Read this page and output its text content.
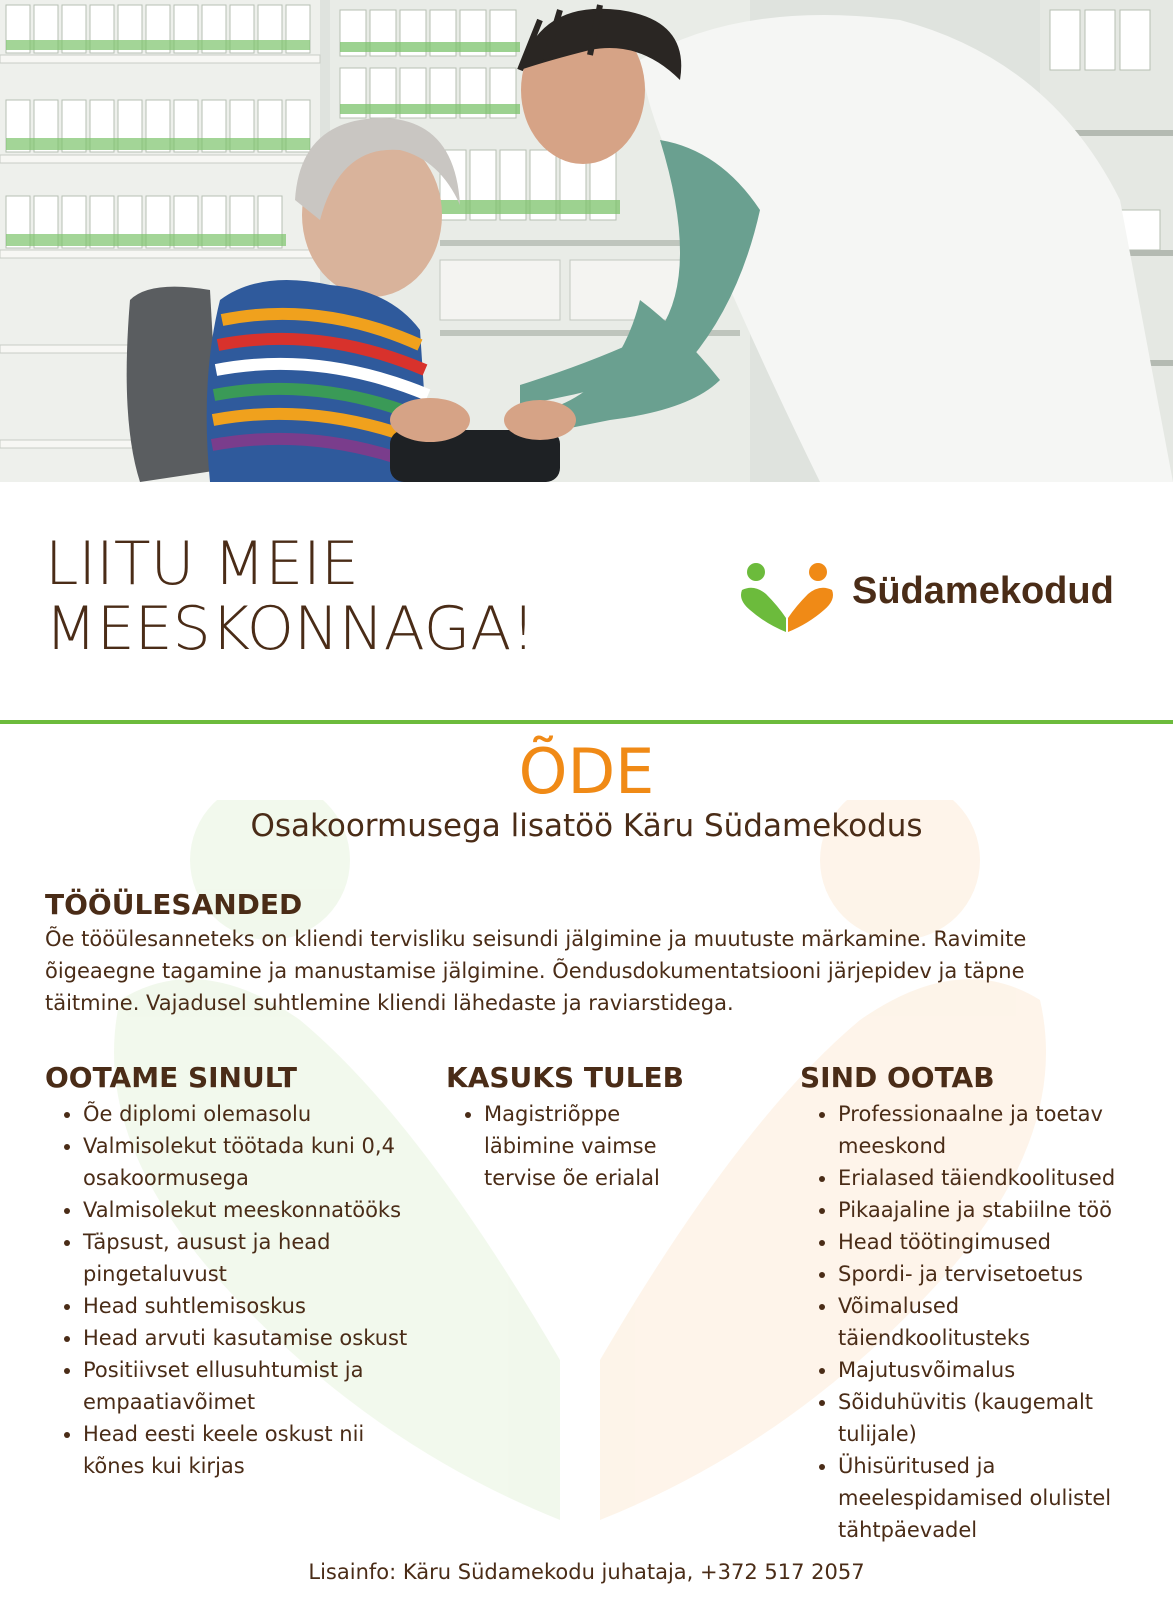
LIITU MEIE
MEESKONNAGA!
Südamekodud
ÕDE

Osakoormusega lisatöö Käru Südamekodus

TÖÖÜLESANDED

Õe tööülesanneteks on kliendi tervisliku seisundi jälgimine ja muutuste märkamine. Ravimite õigeaegne tagamine ja manustamise jälgimine. Õendusdokumentatsiooni järjepidev ja täpne täitmine. Vajadusel suhtlemine kliendi lähedaste ja raviarstidega.

OOTAME SINULT
• Õe diplomi olemasolu
• Valmisolekut töötada kuni 0,4 osakoormusega
• Valmisolekut meeskonnatööks
• Täpsust, ausust ja head pingetaluvust
• Head suhtlemisoskus
• Head arvuti kasutamise oskust
• Positiivset ellusuhtumist ja empaatiavõimet
• Head eesti keele oskust nii kõnes kui kirjas
KASUKS TULEB
• Magistriõppe läbimine vaimse tervise õe erialal
SIND OOTAB
• Professionaalne ja toetav meeskond
• Erialased täiendkoolitused
• Pikaajaline ja stabiilne töö
• Head töötingimused
• Spordi- ja tervisetoetus
• Võimalused täiendkoolitusteks
• Majutusvõimalus
• Sõiduhüvitis (kaugemalt tulijale)
• Ühisüritused ja meelespidamised olulistel tähtpäevadel

Lisainfo: Käru Südamekodu juhataja, +372 517 2057
